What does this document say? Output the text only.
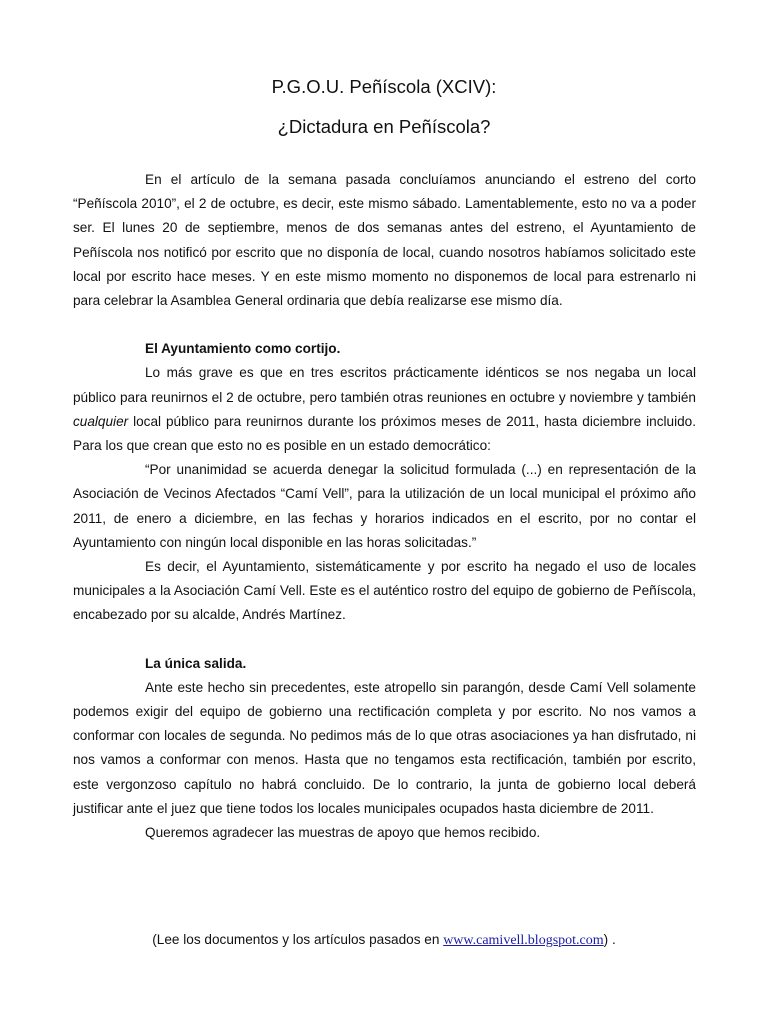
P.G.O.U. Peñíscola (XCIV):
¿Dictadura en Peñíscola?

En el artículo de la semana pasada concluíamos anunciando el estreno del corto “Peñíscola 2010”, el 2 de octubre, es decir, este mismo sábado. Lamentablemente, esto no va a poder ser. El lunes 20 de septiembre, menos de dos semanas antes del estreno, el Ayuntamiento de Peñíscola nos notificó por escrito que no disponía de local, cuando nosotros habíamos solicitado este local por escrito hace meses. Y en este mismo momento no disponemos de local para estrenarlo ni para celebrar la Asamblea General ordinaria que debía realizarse ese mismo día.

El Ayuntamiento como cortijo.

Lo más grave es que en tres escritos prácticamente idénticos se nos negaba un local público para reunirnos el 2 de octubre, pero también otras reuniones en octubre y noviembre y también cualquier local público para reunirnos durante los próximos meses de 2011, hasta diciembre incluido. Para los que crean que esto no es posible en un estado democrático:

“Por unanimidad se acuerda denegar la solicitud formulada (...) en representación de la Asociación de Vecinos Afectados “Camí Vell”, para la utilización de un local municipal el próximo año 2011, de enero a diciembre, en las fechas y horarios indicados en el escrito, por no contar el Ayuntamiento con ningún local disponible en las horas solicitadas.”

Es decir, el Ayuntamiento, sistemáticamente y por escrito ha negado el uso de locales municipales a la Asociación Camí Vell. Este es el auténtico rostro del equipo de gobierno de Peñíscola, encabezado por su alcalde, Andrés Martínez.

La única salida.

Ante este hecho sin precedentes, este atropello sin parangón, desde Camí Vell solamente podemos exigir del equipo de gobierno una rectificación completa y por escrito. No nos vamos a conformar con locales de segunda. No pedimos más de lo que otras asociaciones ya han disfrutado, ni nos vamos a conformar con menos. Hasta que no tengamos esta rectificación, también por escrito, este vergonzoso capítulo no habrá concluido. De lo contrario, la junta de gobierno local deberá justificar ante el juez que tiene todos los locales municipales ocupados hasta diciembre de 2011.

Queremos agradecer las muestras de apoyo que hemos recibido.

(Lee los documentos y los artículos pasados en www.camivell.blogspot.com) .
